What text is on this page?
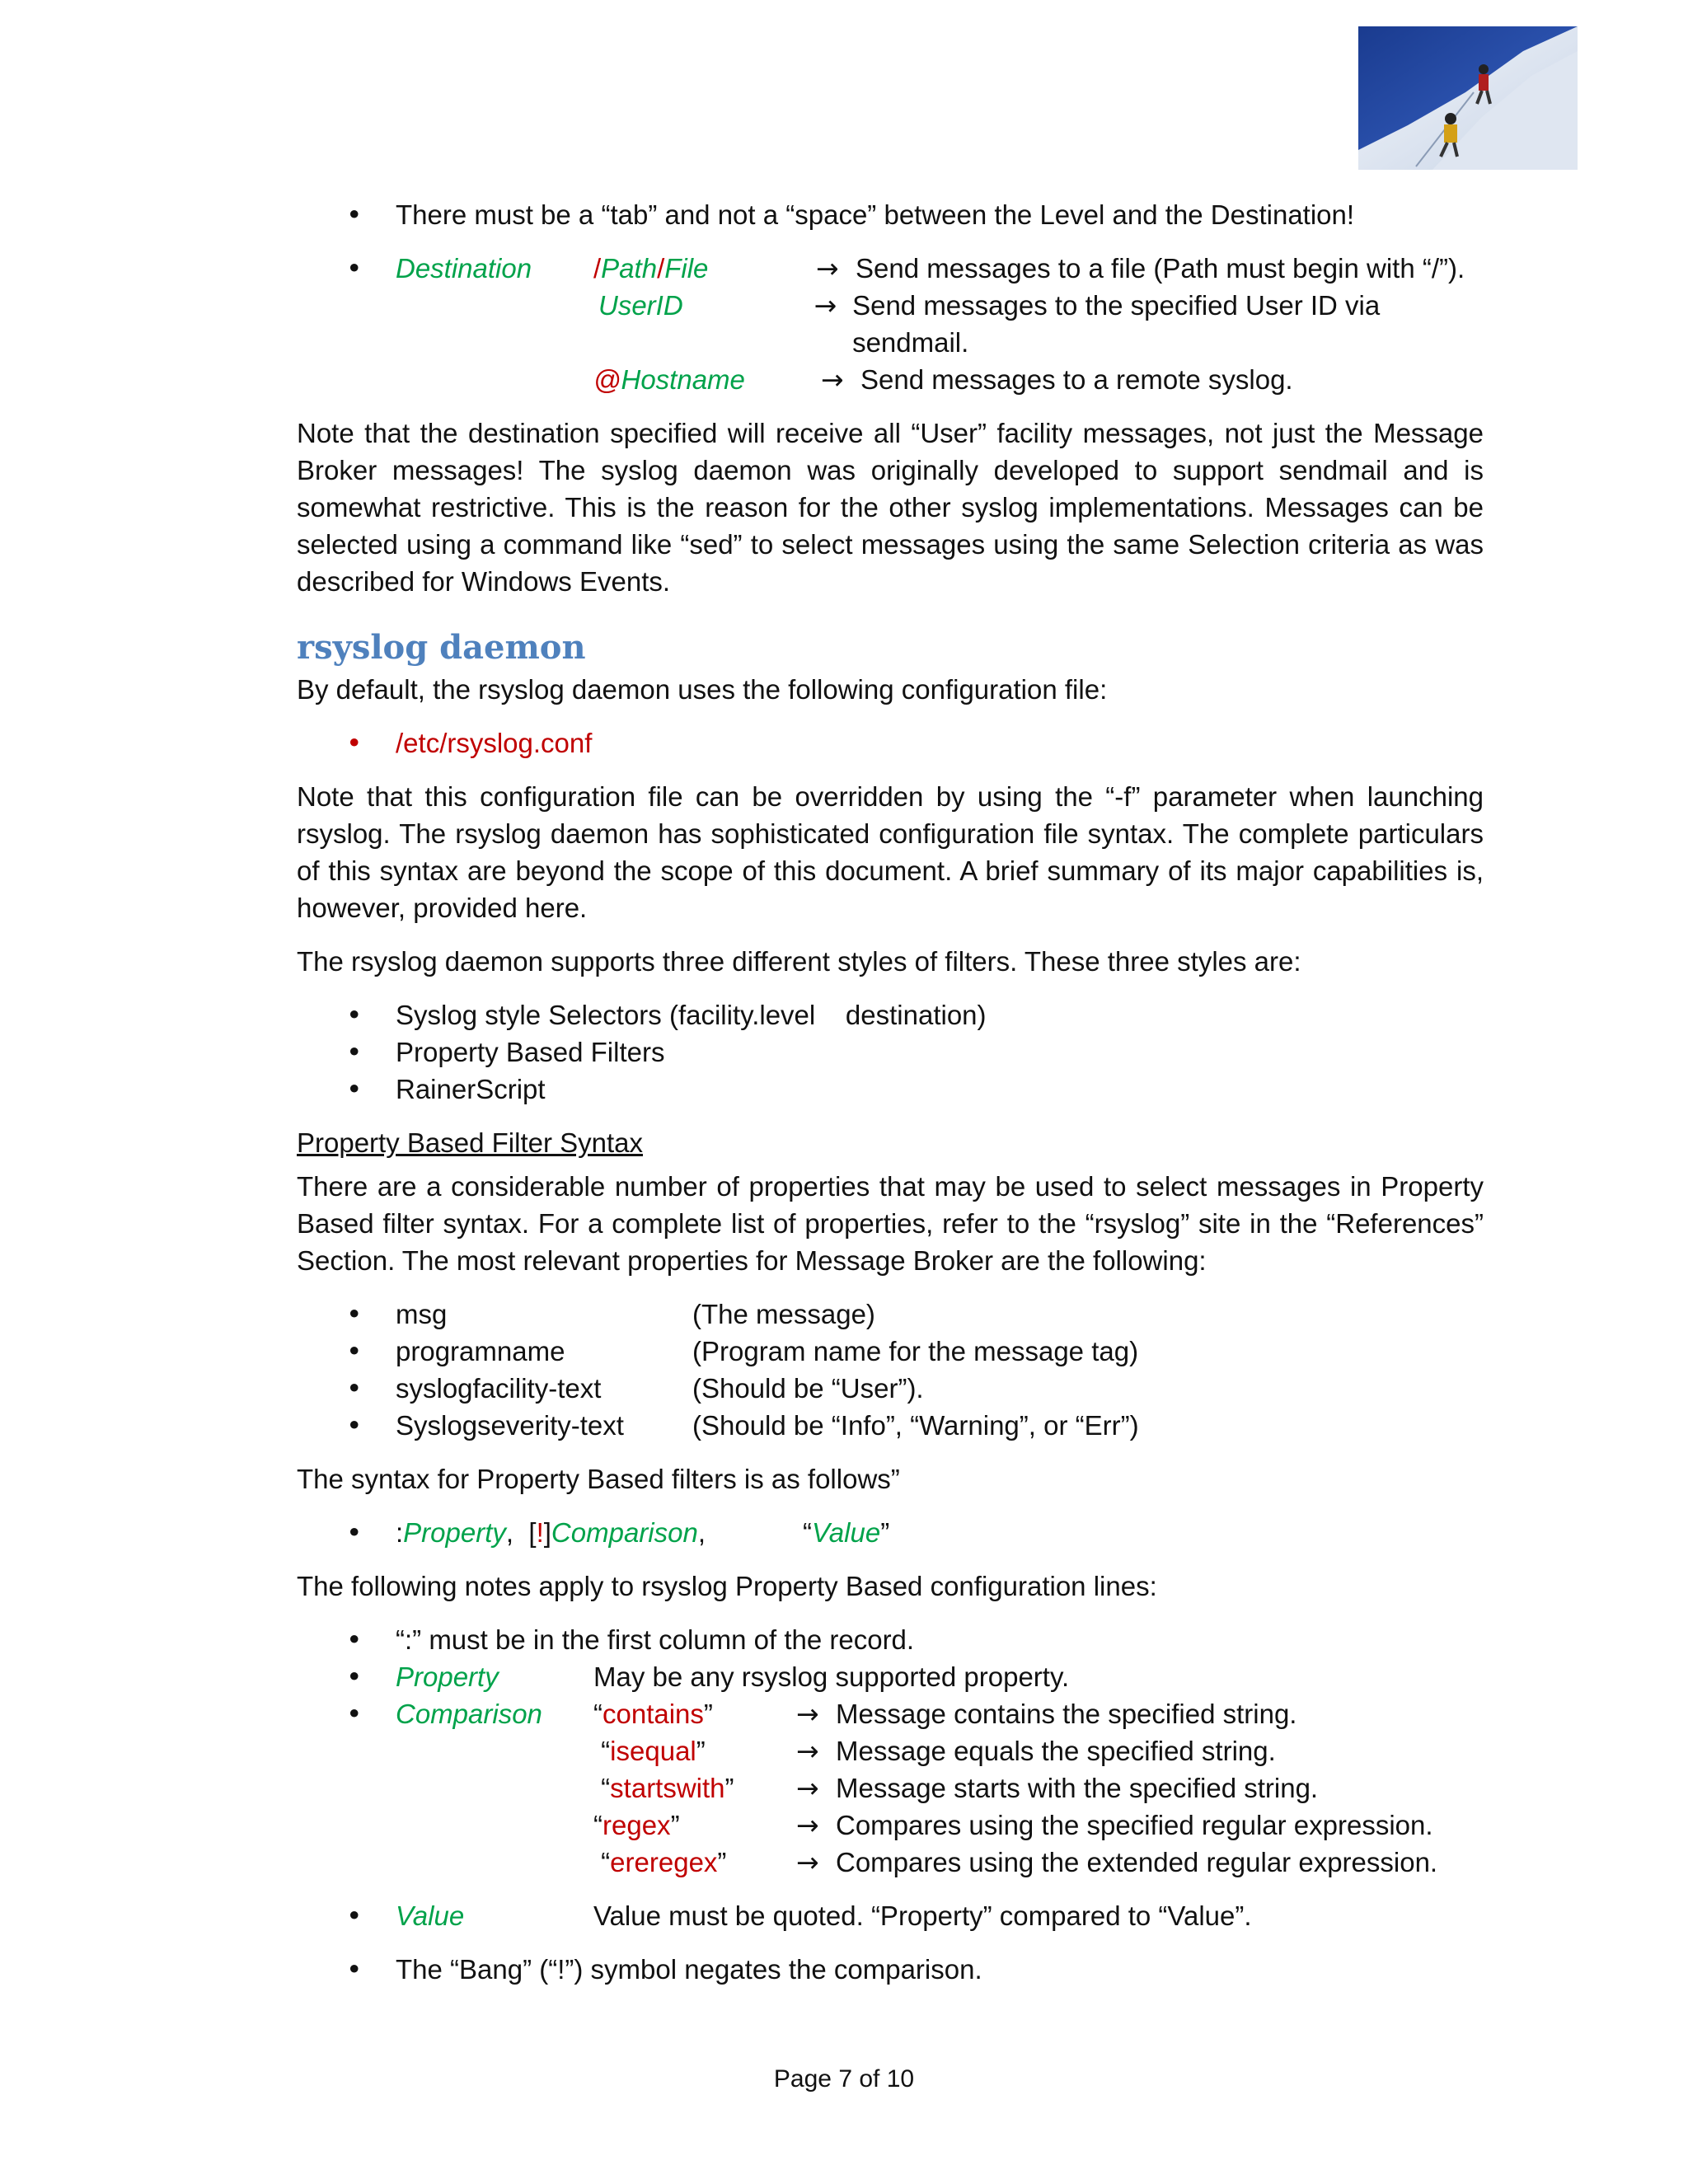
• There must be a “tab” and not a “space” between the Level and the Destination!

• Destination	/Path/File	→ Send messages to a file (Path must begin with “/”).
UserID	→ Send messages to the specified User ID via sendmail.
@Hostname	→ Send messages to a remote syslog.

Note that the destination specified will receive all “User” facility messages, not just the Message Broker messages! The syslog daemon was originally developed to support sendmail and is somewhat restrictive. This is the reason for the other syslog implementations. Messages can be selected using a command like “sed” to select messages using the same Selection criteria as was described for Windows Events.

rsyslog daemon

By default, the rsyslog daemon uses the following configuration file:

• /etc/rsyslog.conf

Note that this configuration file can be overridden by using the “-f” parameter when launching rsyslog. The rsyslog daemon has sophisticated configuration file syntax. The complete particulars of this syntax are beyond the scope of this document. A brief summary of its major capabilities is, however, provided here.

The rsyslog daemon supports three different styles of filters. These three styles are:

• Syslog style Selectors (facility.level    destination)

• Property Based Filters

• RainerScript

Property Based Filter Syntax

There are a considerable number of properties that may be used to select messages in Property Based filter syntax. For a complete list of properties, refer to the “rsyslog” site in the “References” Section. The most relevant properties for Message Broker are the following:

• msg	(The message)
• programname	(Program name for the message tag)
• syslogfacility-text	(Should be “User”).
• Syslogseverity-text	(Should be “Info”, “Warning”, or “Err”)

The syntax for Property Based filters is as follows”

• :Property,  [!]Comparison,	“Value”

The following notes apply to rsyslog Property Based configuration lines:

• “:” must be in the first column of the record.

• Property	May be any rsyslog supported property.
• Comparison	“contains”	→ Message contains the specified string.
“isequal”	→ Message equals the specified string.
“startswith”	→ Message starts with the specified string.
“regex”	→ Compares using the specified regular expression.
“ereregex”	→ Compares using the extended regular expression.
• Value	Value must be quoted. “Property” compared to “Value”.

• The “Bang” (“!”) symbol negates the comparison.

Page 7 of 10
